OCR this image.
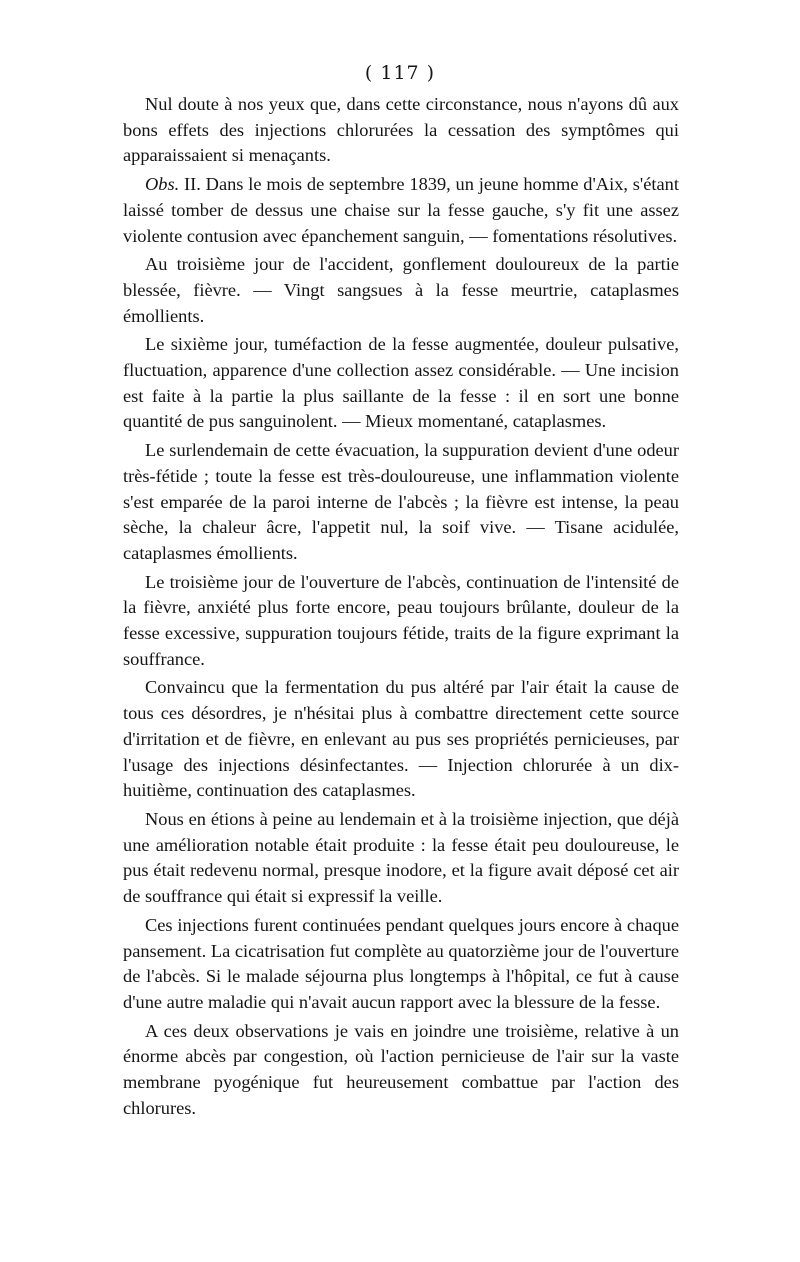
( 117 )

Nul doute à nos yeux que, dans cette circonstance, nous n'ayons dû aux bons effets des injections chlorurées la cessation des symptômes qui apparaissaient si menaçants.

Obs. II. Dans le mois de septembre 1839, un jeune homme d'Aix, s'étant laissé tomber de dessus une chaise sur la fesse gauche, s'y fit une assez violente contusion avec épanchement sanguin, — fomentations résolutives.

Au troisième jour de l'accident, gonflement douloureux de la partie blessée, fièvre. — Vingt sangsues à la fesse meurtrie, cataplasmes émollients.

Le sixième jour, tuméfaction de la fesse augmentée, douleur pulsative, fluctuation, apparence d'une collection assez considérable. — Une incision est faite à la partie la plus saillante de la fesse : il en sort une bonne quantité de pus sanguinolent. — Mieux momentané, cataplasmes.

Le surlendemain de cette évacuation, la suppuration devient d'une odeur très-fétide ; toute la fesse est très-douloureuse, une inflammation violente s'est emparée de la paroi interne de l'abcès ; la fièvre est intense, la peau sèche, la chaleur âcre, l'appetit nul, la soif vive. — Tisane acidulée, cataplasmes émollients.

Le troisième jour de l'ouverture de l'abcès, continuation de l'intensité de la fièvre, anxiété plus forte encore, peau toujours brûlante, douleur de la fesse excessive, suppuration toujours fétide, traits de la figure exprimant la souffrance.

Convaincu que la fermentation du pus altéré par l'air était la cause de tous ces désordres, je n'hésitai plus à combattre directement cette source d'irritation et de fièvre, en enlevant au pus ses propriétés pernicieuses, par l'usage des injections désinfectantes. — Injection chlorurée à un dix-huitième, continuation des cataplasmes.

Nous en étions à peine au lendemain et à la troisième injection, que déjà une amélioration notable était produite : la fesse était peu douloureuse, le pus était redevenu normal, presque inodore, et la figure avait déposé cet air de souffrance qui était si expressif la veille.

Ces injections furent continuées pendant quelques jours encore à chaque pansement. La cicatrisation fut complète au quatorzième jour de l'ouverture de l'abcès. Si le malade séjourna plus longtemps à l'hôpital, ce fut à cause d'une autre maladie qui n'avait aucun rapport avec la blessure de la fesse.

A ces deux observations je vais en joindre une troisième, relative à un énorme abcès par congestion, où l'action pernicieuse de l'air sur la vaste membrane pyogénique fut heureusement combattue par l'action des chlorures.
